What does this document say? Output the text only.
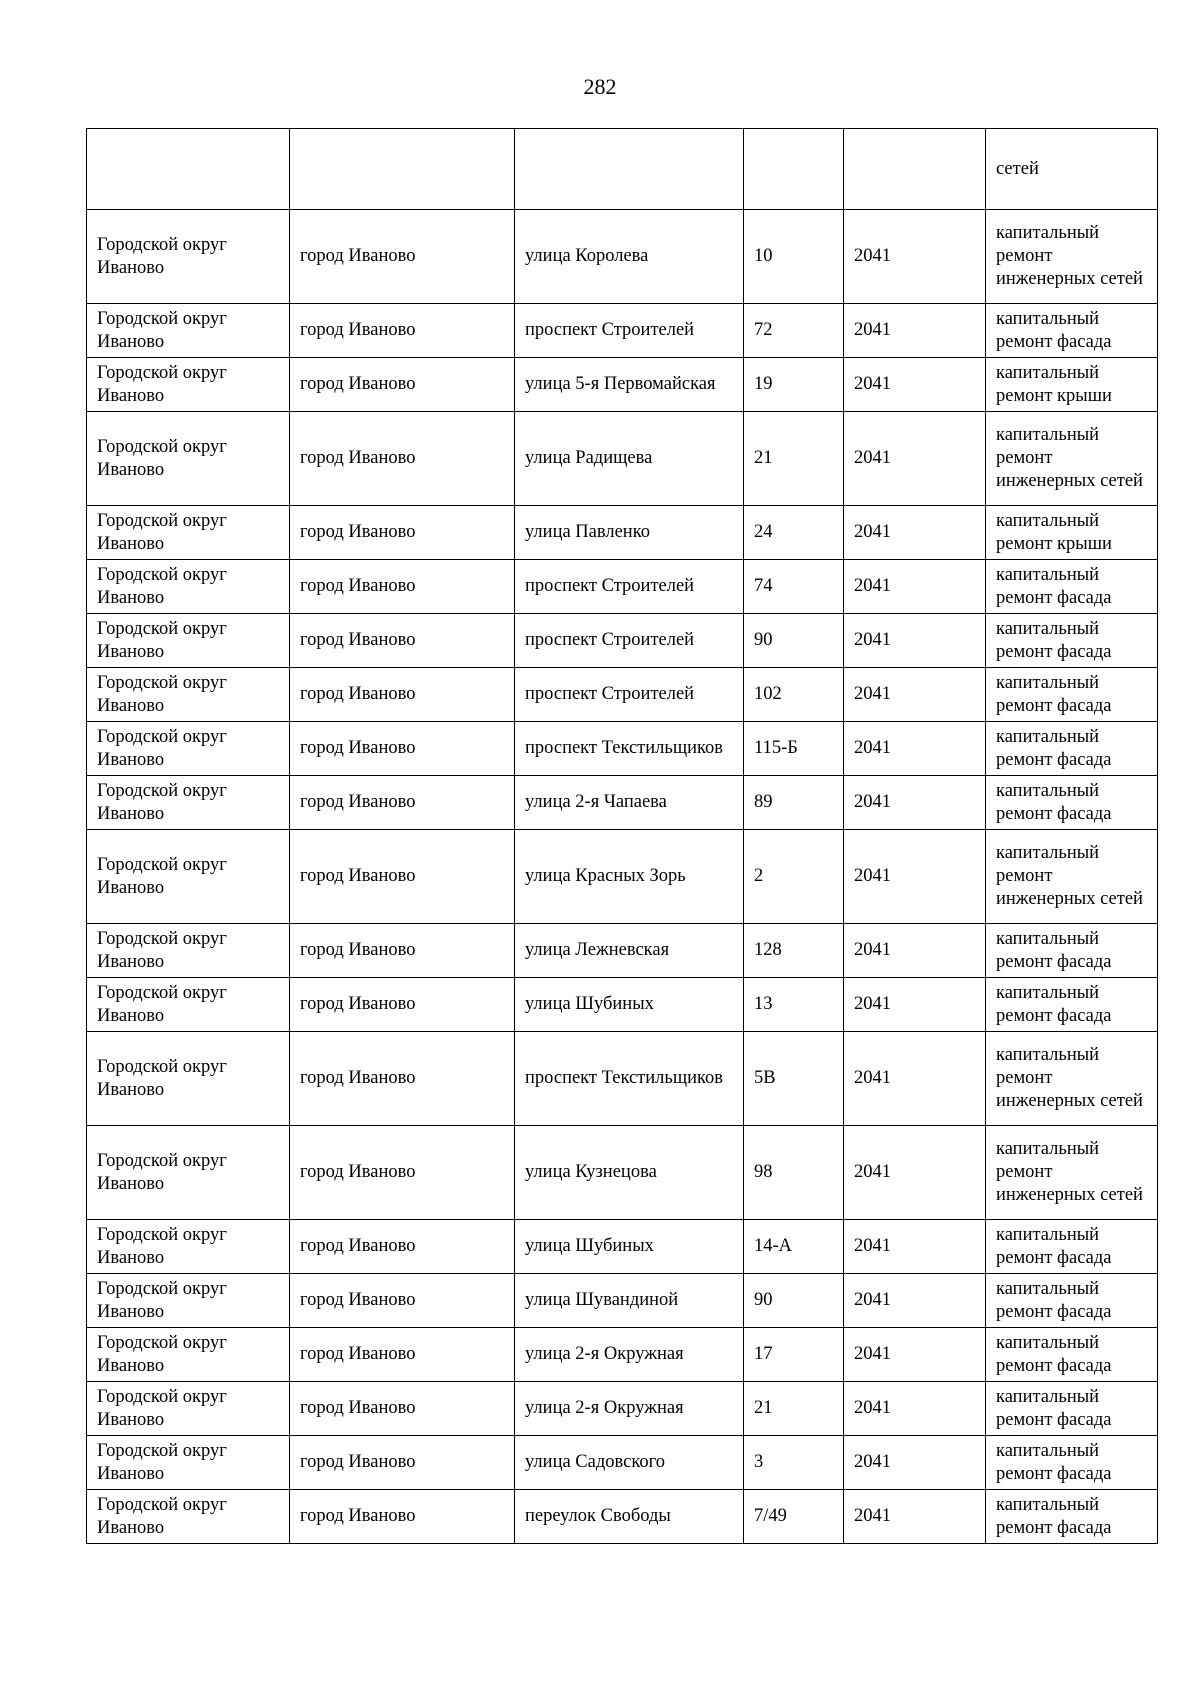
282
					сетей
Городской округ Иваново	город Иваново	улица Королева	10	2041	капитальный ремонт инженерных сетей
Городской округ Иваново	город Иваново	проспект Строителей	72	2041	капитальный ремонт фасада
Городской округ Иваново	город Иваново	улица 5-я Первомайская	19	2041	капитальный ремонт крыши
Городской округ Иваново	город Иваново	улица Радищева	21	2041	капитальный ремонт инженерных сетей
Городской округ Иваново	город Иваново	улица Павленко	24	2041	капитальный ремонт крыши
Городской округ Иваново	город Иваново	проспект Строителей	74	2041	капитальный ремонт фасада
Городской округ Иваново	город Иваново	проспект Строителей	90	2041	капитальный ремонт фасада
Городской округ Иваново	город Иваново	проспект Строителей	102	2041	капитальный ремонт фасада
Городской округ Иваново	город Иваново	проспект Текстильщиков	115-Б	2041	капитальный ремонт фасада
Городской округ Иваново	город Иваново	улица 2-я Чапаева	89	2041	капитальный ремонт фасада
Городской округ Иваново	город Иваново	улица Красных Зорь	2	2041	капитальный ремонт инженерных сетей
Городской округ Иваново	город Иваново	улица Лежневская	128	2041	капитальный ремонт фасада
Городской округ Иваново	город Иваново	улица Шубиных	13	2041	капитальный ремонт фасада
Городской округ Иваново	город Иваново	проспект Текстильщиков	5В	2041	капитальный ремонт инженерных сетей
Городской округ Иваново	город Иваново	улица Кузнецова	98	2041	капитальный ремонт инженерных сетей
Городской округ Иваново	город Иваново	улица Шубиных	14-А	2041	капитальный ремонт фасада
Городской округ Иваново	город Иваново	улица Шувандиной	90	2041	капитальный ремонт фасада
Городской округ Иваново	город Иваново	улица 2-я Окружная	17	2041	капитальный ремонт фасада
Городской округ Иваново	город Иваново	улица 2-я Окружная	21	2041	капитальный ремонт фасада
Городской округ Иваново	город Иваново	улица Садовского	3	2041	капитальный ремонт фасада
Городской округ Иваново	город Иваново	переулок Свободы	7/49	2041	капитальный ремонт фасада
